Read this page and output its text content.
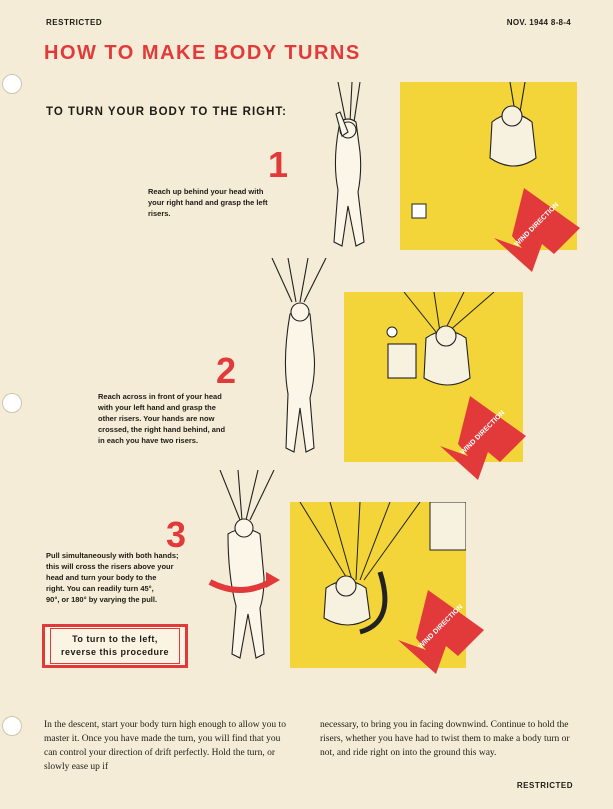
RESTRICTED	NOV. 1944 8-8-4
HOW TO MAKE BODY TURNS
TO TURN YOUR BODY TO THE RIGHT:
1
Reach up behind your head with
your right hand and grasp the left
risers.	WIND DIRECTION
2
Reach across in front of your head
with your left hand and grasp the
other risers. Your hands are now
crossed, the right hand behind, and
in each you have two risers.	WIND DIRECTION
3
Pull simultaneously with both hands;
this will cross the risers above your
head and turn your body to the
right. You can readily turn 45°,
90°, or 180° by varying the pull.
WIND DIRECTION
To turn to the left, reverse this procedure
In the descent, start your body turn high enough to allow you to master it. Once you have made the turn, you will find that you can control your direction of drift perfectly. Hold the turn, or slowly ease up if
necessary, to bring you in facing downwind. Continue to hold the risers, whether you have had to twist them to make a body turn or not, and ride right on into the ground this way.
RESTRICTED
